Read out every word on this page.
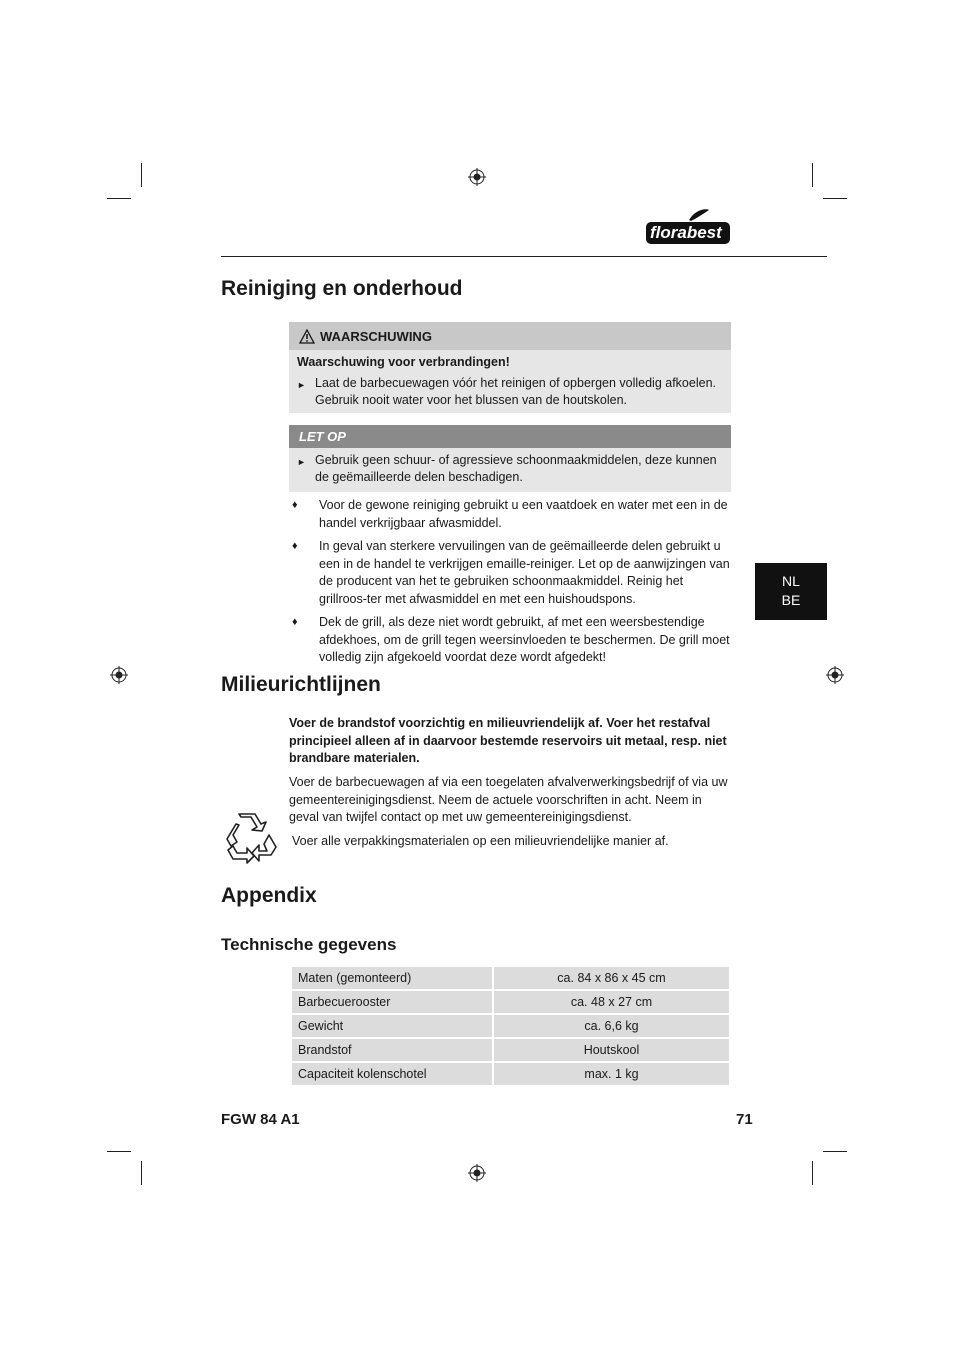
florabest
NL
BE
Reiniging en onderhoud
WAARSCHUWING
Waarschuwing voor verbrandingen!
► Laat de barbecuewagen vóór het reinigen of opbergen volledig afkoelen. Gebruik nooit water voor het blussen van de houtskolen.
LET OP
► Gebruik geen schuur- of agressieve schoonmaakmiddelen, deze kunnen de geëmailleerde delen beschadigen.
♦	Voor de gewone reiniging gebruikt u een vaatdoek en water met een in de handel verkrijgbaar afwasmiddel.
♦	In geval van sterkere vervuilingen van de geëmailleerde delen gebruikt u een in de handel te verkrijgen emaille-reiniger. Let op de aanwijzingen van de producent van het te gebruiken schoonmaakmiddel. Reinig het grillroos-ter met afwasmiddel en met een huishoudspons.
♦	Dek de grill, als deze niet wordt gebruikt, af met een weersbestendige afdekhoes, om de grill tegen weersinvloeden te beschermen. De grill moet volledig zijn afgekoeld voordat deze wordt afgedekt!
Milieurichtlijnen
Voer de brandstof voorzichtig en milieuvriendelijk af. Voer het restafval principieel alleen af in daarvoor bestemde reservoirs uit metaal, resp. niet brandbare materialen.
Voer de barbecuewagen af via een toegelaten afvalverwerkingsbedrijf of via uw gemeentereinigingsdienst. Neem de actuele voorschriften in acht. Neem in geval van twijfel contact op met uw gemeentereinigingsdienst.
Voer alle verpakkingsmaterialen op een milieuvriendelijke manier af.
Appendix
Technische gegevens
Maten (gemonteerd)	ca. 84 x 86 x 45 cm
Barbecuerooster	ca. 48 x 27 cm
Gewicht	ca. 6,6 kg
Brandstof	Houtskool
Capaciteit kolenschotel	max. 1 kg
FGW 84 A1	71
